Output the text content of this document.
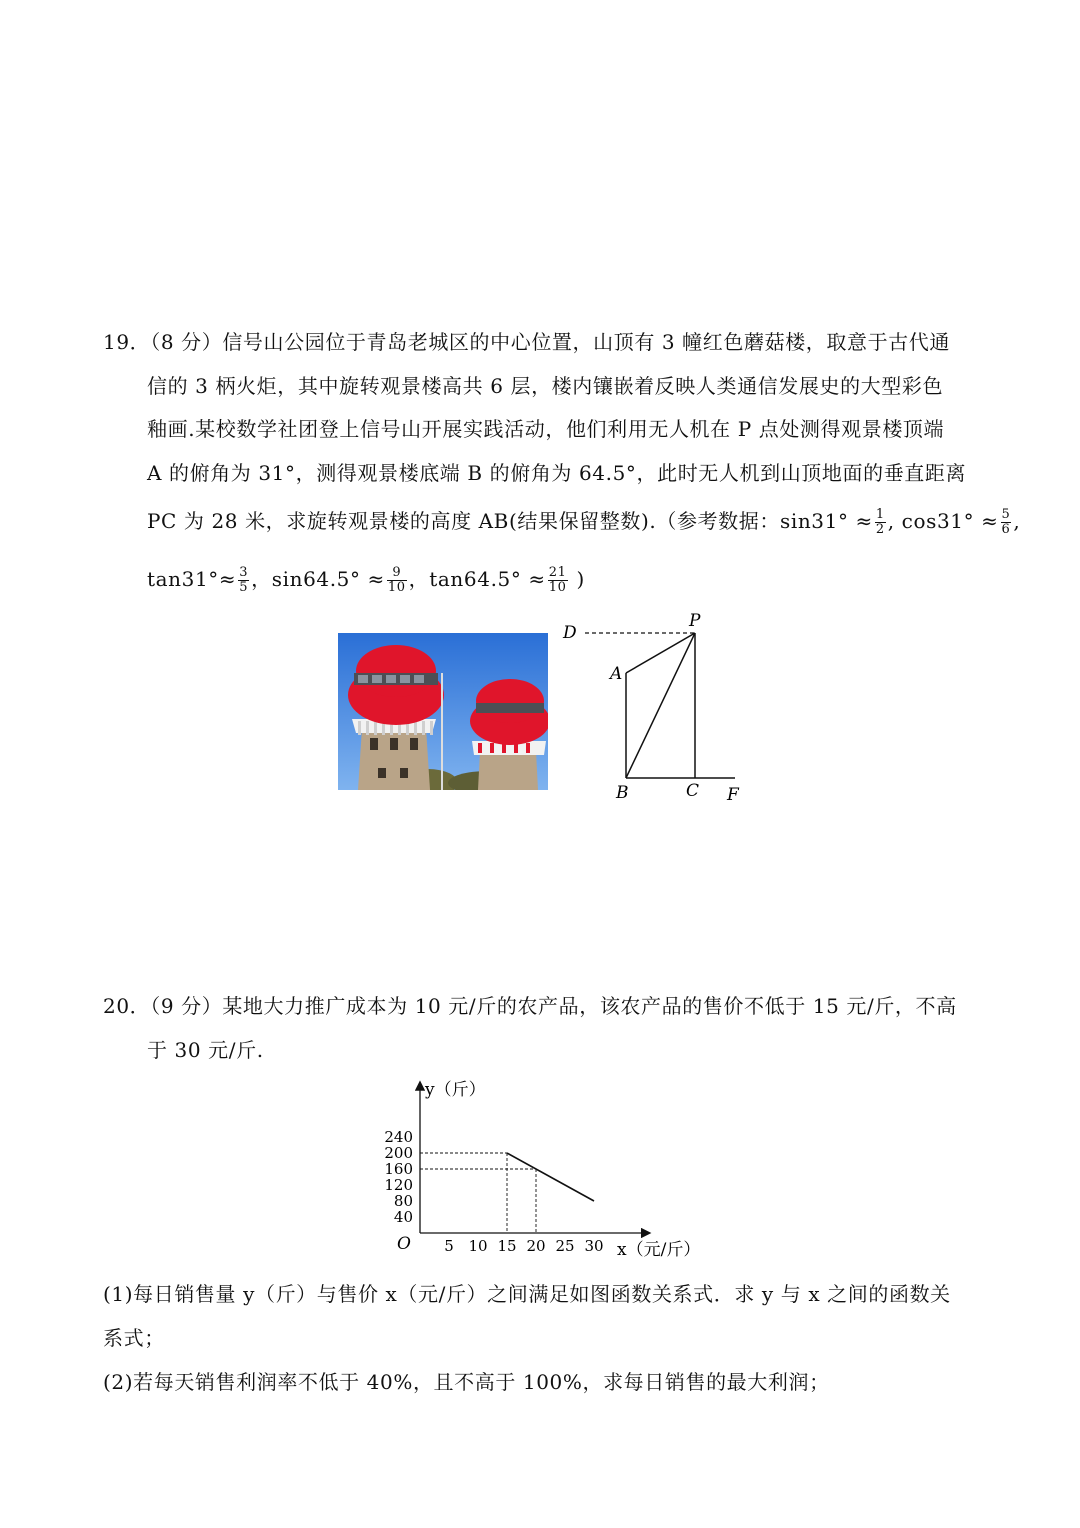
19．（8 分）信号山公园位于青岛老城区的中心位置，山顶有 3 幢红色蘑菇楼，取意于古代通
信的 3 柄火炬，其中旋转观景楼高共 6 层，楼内镶嵌着反映人类通信发展史的大型彩色
釉画.某校数学社团登上信号山开展实践活动，他们利用无人机在 P 点处测得观景楼顶端
A 的俯角为 31°，测得观景楼底端 B 的俯角为 64.5°，此时无人机到山顶地面的垂直距离
PC 为 28 米，求旋转观景楼的高度 AB(结果保留整数).（参考数据：$\sin 31^\circ \approx \frac{1}{2}$ , $\cos 31^\circ \approx \frac{5}{6}$ ,
$\tan 31^\circ\approx \frac{3}{5}$ ，$\sin 64.5^\circ \approx \frac{9}{10}$ ，$\tan 64.5^\circ \approx \frac{21}{10}$ )
D
P
A
B	C F
20．（9 分）某地大力推广成本为 10 元/斤的农产品，该农产品的售价不低于 15 元/斤，不高
于 30 元/斤.
5 10 15 20 25 30
40
80
120
160
200
240
y（斤）
x（元/斤）
O
(1)每日销售量 y（斤）与售价 x（元/斤）之间满足如图函数关系式．求 y 与 x 之间的函数关
系式；
(2)若每天销售利润率不低于 40%，且不高于 100%，求每日销售的最大利润；
